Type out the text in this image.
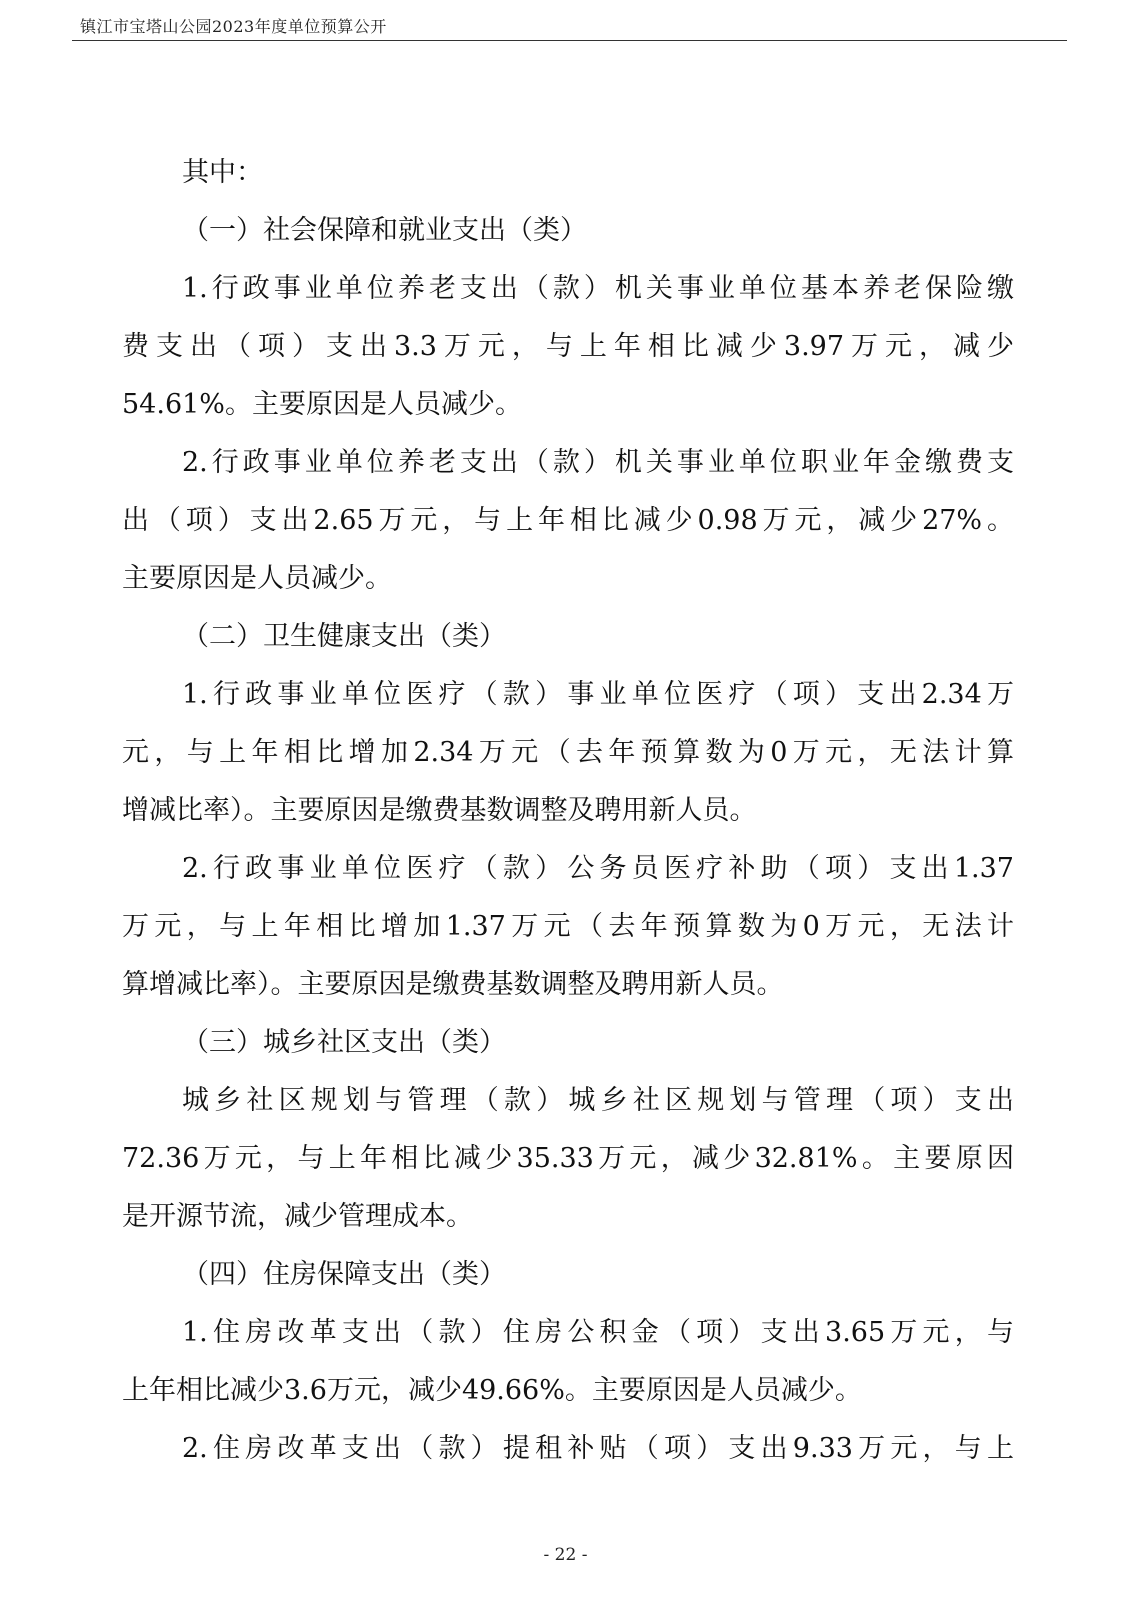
镇江市宝塔山公园2023年度单位预算公开
其中：
（一）社会保障和就业支出（类）
1.行政事业单位养老支出（款）机关事业单位基本养老保险缴
费支出（项）支出3.3万元，与上年相比减少3.97万元，减少
54.61%。主要原因是人员减少。
2.行政事业单位养老支出（款）机关事业单位职业年金缴费支
出（项）支出2.65万元，与上年相比减少0.98万元，减少27%。
主要原因是人员减少。
（二）卫生健康支出（类）
1.行政事业单位医疗（款）事业单位医疗（项）支出2.34万
元，与上年相比增加2.34万元（去年预算数为0万元，无法计算
增减比率）。主要原因是缴费基数调整及聘用新人员。
2.行政事业单位医疗（款）公务员医疗补助（项）支出1.37
万元，与上年相比增加1.37万元（去年预算数为0万元，无法计
算增减比率）。主要原因是缴费基数调整及聘用新人员。
（三）城乡社区支出（类）
城乡社区规划与管理（款）城乡社区规划与管理（项）支出
72.36万元，与上年相比减少35.33万元，减少32.81%。主要原因
是开源节流，减少管理成本。
（四）住房保障支出（类）
1.住房改革支出（款）住房公积金（项）支出3.65万元，与
上年相比减少3.6万元，减少49.66%。主要原因是人员减少。
2.住房改革支出（款）提租补贴（项）支出9.33万元，与上
- 22 -
